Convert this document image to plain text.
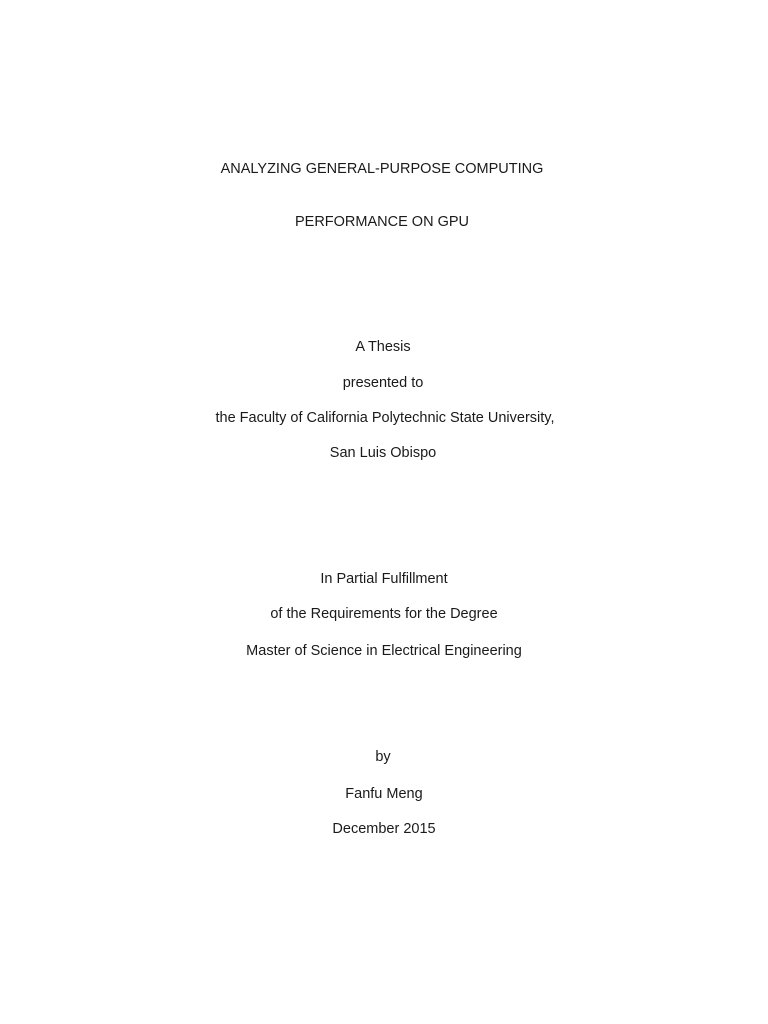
ANALYZING GENERAL-PURPOSE COMPUTING
PERFORMANCE ON GPU
A Thesis
presented to
the Faculty of California Polytechnic State University,
San Luis Obispo
In Partial Fulfillment
of the Requirements for the Degree
Master of Science in Electrical Engineering
by
Fanfu Meng
December 2015
